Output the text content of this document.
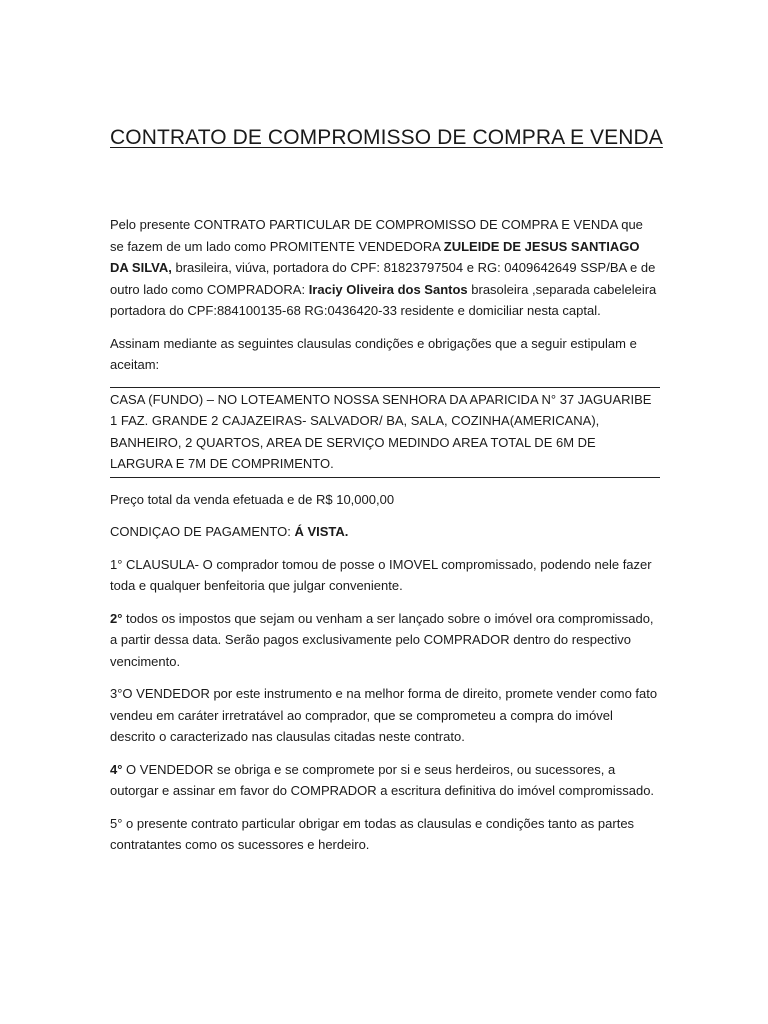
CONTRATO DE COMPROMISSO DE COMPRA E VENDA

Pelo presente CONTRATO PARTICULAR DE COMPROMISSO DE COMPRA E VENDA que se fazem de um lado como PROMITENTE VENDEDORA ZULEIDE DE JESUS SANTIAGO DA SILVA, brasileira, viúva, portadora do CPF: 81823797504 e RG: 0409642649 SSP/BA e de outro lado como COMPRADORA: Iraciy Oliveira dos Santos brasoleira ,separada cabeleleira portadora do CPF:884100135-68 RG:0436420-33 residente e domiciliar nesta captal.

Assinam mediante as seguintes clausulas condições e obrigações que a seguir estipulam e aceitam:

CASA (FUNDO) – NO LOTEAMENTO NOSSA SENHORA DA APARICIDA N° 37 JAGUARIBE 1 FAZ. GRANDE 2 CAJAZEIRAS- SALVADOR/ BA, SALA, COZINHA(AMERICANA), BANHEIRO, 2 QUARTOS, AREA DE SERVIÇO MEDINDO AREA TOTAL DE 6M DE LARGURA E 7M DE COMPRIMENTO.

Preço total da venda efetuada e de R$ 10,000,00

CONDIÇAO DE PAGAMENTO: Á VISTA.

1° CLAUSULA- O comprador tomou de posse o IMOVEL compromissado, podendo nele fazer toda e qualquer benfeitoria que julgar conveniente.

2° todos os impostos que sejam ou venham a ser lançado sobre o imóvel ora compromissado, a partir dessa data. Serão pagos exclusivamente pelo COMPRADOR dentro do respectivo vencimento.

3°O VENDEDOR por este instrumento e na melhor forma de direito, promete vender como fato vendeu em caráter irretratável ao comprador, que se comprometeu a compra do imóvel descrito o caracterizado nas clausulas citadas neste contrato.

4° O VENDEDOR se obriga e se compromete por si e seus herdeiros, ou sucessores, a outorgar e assinar em favor do COMPRADOR a escritura definitiva do imóvel compromissado.

5° o presente contrato particular obrigar em todas as clausulas e condições tanto as partes contratantes como os sucessores e herdeiro.
